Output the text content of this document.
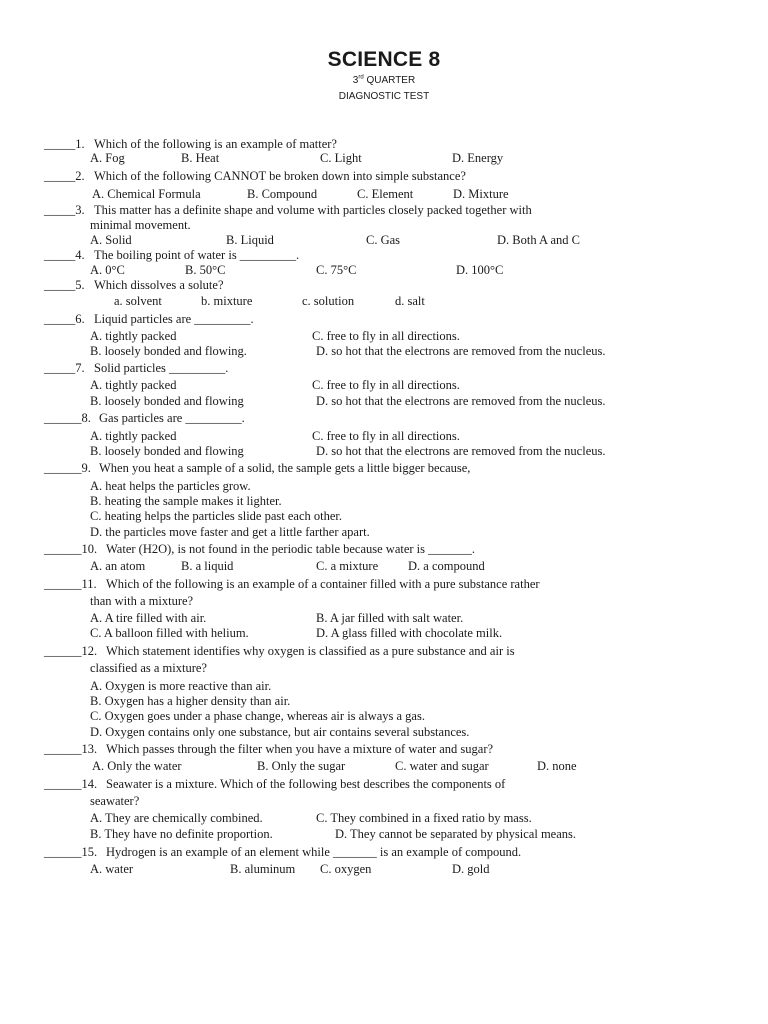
SCIENCE 8
3rd QUARTER
DIAGNOSTIC TEST
_____1. Which of the following is an example of matter?
A. Fog	B. Heat	C. Light	D. Energy
_____2. Which of the following CANNOT be broken down into simple substance?
A. Chemical Formula	B. Compound	C. Element	D. Mixture
_____3. This matter has a definite shape and volume with particles closely packed together with
minimal movement.
A. Solid	B. Liquid	C. Gas	D. Both A and C
_____4. The boiling point of water is _________.
A. 0°C	B. 50°C	C. 75°C	D. 100°C
_____5. Which dissolves a solute?
a. solvent	b. mixture	c. solution	d. salt
_____6. Liquid particles are _________.
A. tightly packed	C. free to fly in all directions.
B. loosely bonded and flowing.	D. so hot that the electrons are removed from the nucleus.
_____7. Solid particles _________.
A. tightly packed	C. free to fly in all directions.
B. loosely bonded and flowing	D. so hot that the electrons are removed from the nucleus.
______8. Gas particles are _________.
A. tightly packed	C. free to fly in all directions.
B. loosely bonded and flowing	D. so hot that the electrons are removed from the nucleus.
______9. When you heat a sample of a solid, the sample gets a little bigger because,
A. heat helps the particles grow.
B. heating the sample makes it lighter.
C. heating helps the particles slide past each other.
D. the particles move faster and get a little farther apart.
______10. Water (H2O), is not found in the periodic table because water is _______.
A. an atom	B. a liquid	C. a mixture D. a compound
______11. Which of the following is an example of a container filled with a pure substance rather
than with a mixture?
A. A tire filled with air.	B. A jar filled with salt water.
C. A balloon filled with helium.	D. A glass filled with chocolate milk.
______12. Which statement identifies why oxygen is classified as a pure substance and air is
classified as a mixture?
A. Oxygen is more reactive than air.
B. Oxygen has a higher density than air.
C. Oxygen goes under a phase change, whereas air is always a gas.
D. Oxygen contains only one substance, but air contains several substances.
______13. Which passes through the filter when you have a mixture of water and sugar?
A. Only the water	B. Only the sugar	C. water and sugar	D. none
______14. Seawater is a mixture. Which of the following best describes the components of
seawater?
A. They are chemically combined.	C. They combined in a fixed ratio by mass.
B. They have no definite proportion.	D. They cannot be separated by physical means.
______15. Hydrogen is an example of an element while _______ is an example of compound.
A. water	B. aluminum C. oxygen	D. gold
